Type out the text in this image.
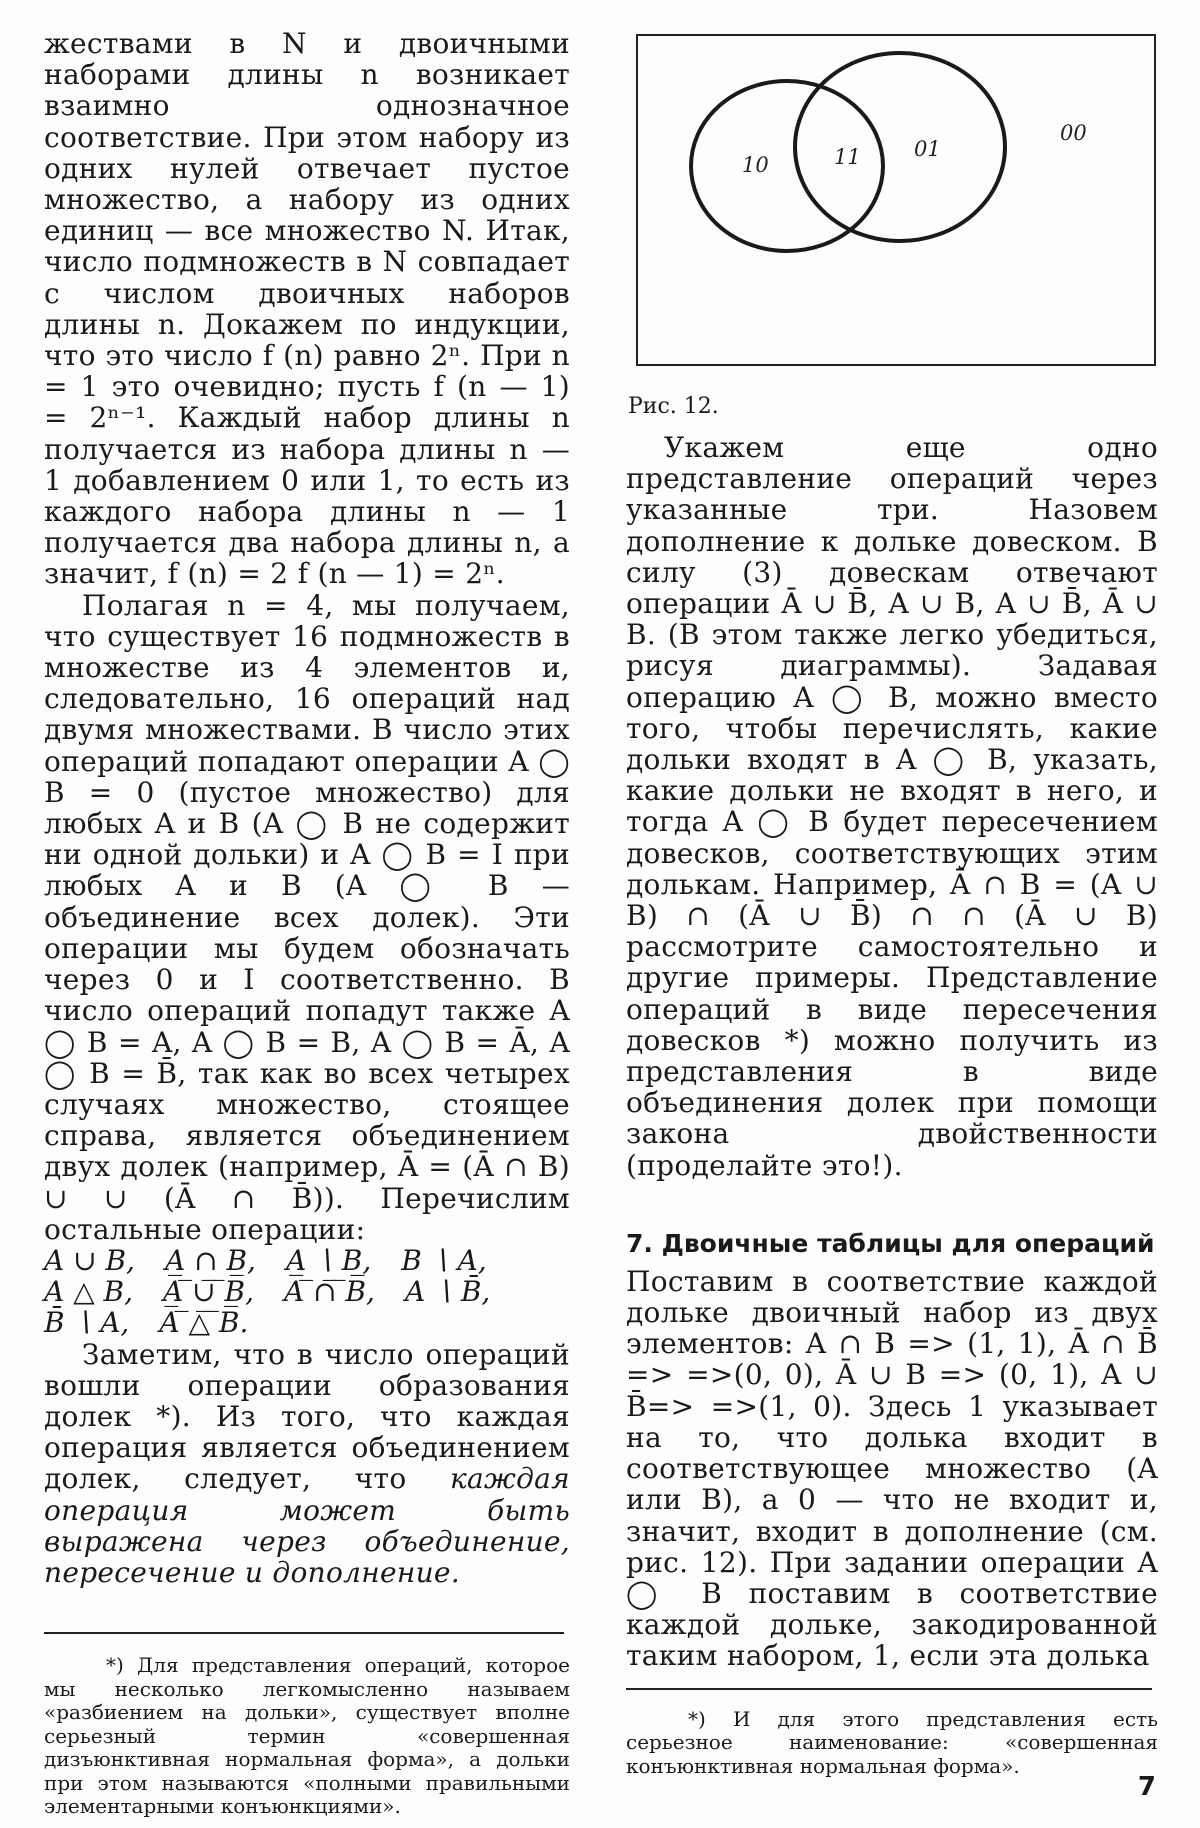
жествами в N и двоичными наборами длины n возникает взаимно однозначное соответствие. При этом набору из одних нулей отвечает пустое множество, а набору из одних единиц — все множество N. Итак, число подмножеств в N совпадает с числом двоичных наборов длины n. Докажем по индукции, что это число f (n) равно 2ⁿ. При n = 1 это очевидно; пусть f (n — 1) = 2ⁿ⁻¹. Каждый набор длины n получается из набора длины n — 1 добавлением 0 или 1, то есть из каждого набора длины n — 1 получается два набора длины n, а значит, f (n) = 2 f (n — 1) = 2ⁿ.

Полагая n = 4, мы получаем, что существует 16 подмножеств в множестве из 4 элементов и, следовательно, 16 операций над двумя множествами. В число этих операций попадают операции A ◯ B = 0 (пустое множество) для любых A и B (A ◯ B не содержит ни одной дольки) и A ◯ B = I при любых A и B (A ◯ B — объединение всех долек). Эти операции мы будем обозначать через 0 и I соответственно. В число операций попадут также A ◯ B = A, A ◯ B = B, A ◯ B = Ā, A ◯ B = B̄, так как во всех четырех случаях множество, стоящее справа, является объединением двух долек (например, Ā = (Ā ∩ B) ∪ ∪ (Ā ∩ B̄)). Перечислим остальные операции:

A ∪ B, A ∩ B, A ∖ B, B ∖ A,
A △ B, A̅ ̅∪̅ ̅B̅, A̅ ̅∩̅ ̅B̅, A ∖ B̄,
B̄ ∖ A, A̅ ̅△̅ ̅B̅.

Заметим, что в число операций вошли операции образования долек *). Из того, что каждая операция является объединением долек, следует, что каждая операция может быть выражена через объединение, пересечение и дополнение.

*) Для представления операций, которое мы несколько легкомысленно называем «разбиением на дольки», существует вполне серьезный термин «совершенная дизъюнктивная нормальная форма», а дольки при этом называются «полными правильными элементарными конъюнкциями».

10	11	01
00
Рис. 12.

Укажем еще одно представление операций через указанные три. Назовем дополнение к дольке довеском. В силу (3) довескам отвечают операции Ā ∪ B̄, A ∪ B, A ∪ B̄, Ā ∪ B. (В этом также легко убедиться, рисуя диаграммы). Задавая операцию A ◯ B, можно вместо того, чтобы перечислять, какие дольки входят в A ◯ B, указать, какие дольки не входят в него, и тогда A ◯ B будет пересечением довесков, соответствующих этим долькам. Например, Ā ∩ B = (A ∪ B) ∩ (Ā ∪ B̄) ∩ ∩ (Ā ∪ B) рассмотрите самостоятельно и другие примеры. Представление операций в виде пересечения довесков *) можно получить из представления в виде объединения долек при помощи закона двойственности (проделайте это!).

7. Двоичные таблицы для операций

Поставим в соответствие каждой дольке двоичный набор из двух элементов: A ∩ B => (1, 1), Ā ∩ B̄ => =>(0, 0), Ā ∪ B => (0, 1), A ∪ B̄=> =>(1, 0). Здесь 1 указывает на то, что долька входит в соответствующее множество (A или B), а 0 — что не входит и, значит, входит в дополнение (см. рис. 12). При задании операции A ◯ B поставим в соответствие каждой дольке, закодированной таким набором, 1, если эта долька

*) И для этого представления есть серьезное наименование: «совершенная конъюнктивная нормальная форма».

7
